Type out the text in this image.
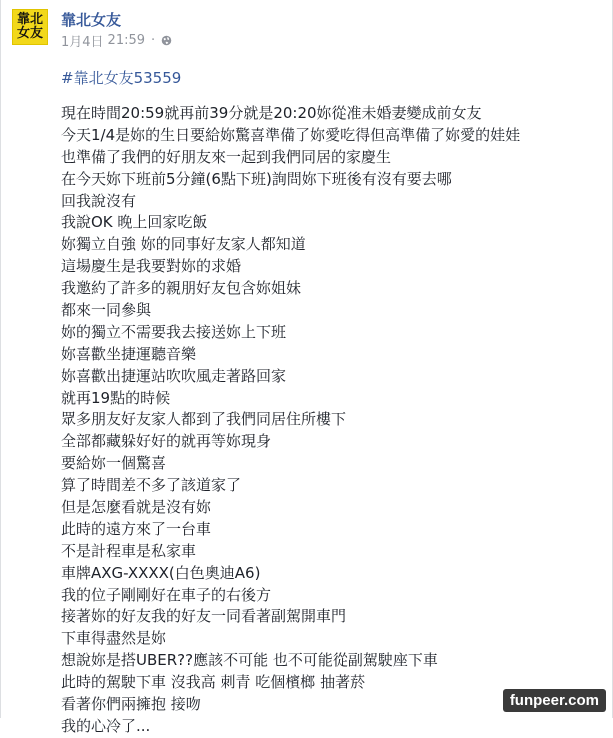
靠北
女友
靠北女友
1月4日 21:59 ·
#靠北女友53559
現在時間20:59就再前39分就是20:20妳從准未婚妻變成前女友
今天1/4是妳的生日要給妳驚喜準備了妳愛吃得但高準備了妳愛的娃娃
也準備了我們的好朋友來一起到我們同居的家慶生
在今天妳下班前5分鐘(6點下班)詢問妳下班後有沒有要去哪
回我說沒有
我說OK 晚上回家吃飯
妳獨立自強 妳的同事好友家人都知道
這場慶生是我要對妳的求婚
我邀約了許多的親朋好友包含妳姐妹
都來一同參與
妳的獨立不需要我去接送妳上下班
妳喜歡坐捷運聽音樂
妳喜歡出捷運站吹吹風走著路回家
就再19點的時候
眾多朋友好友家人都到了我們同居住所樓下
全部都藏躲好好的就再等妳現身
要給妳一個驚喜
算了時間差不多了該道家了
但是怎麼看就是沒有妳
此時的遠方來了一台車
不是計程車是私家車
車牌AXG-XXXX(白色奧迪A6)
我的位子剛剛好在車子的右後方
接著妳的好友我的好友一同看著副駕開車門
下車得盡然是妳
想說妳是搭UBER??應該不可能 也不可能從副駕駛座下車
此時的駕駛下車 沒我高 刺青 吃個檳榔 抽著菸
看著你們兩擁抱 接吻
我的心冷了...
funpeer.com
